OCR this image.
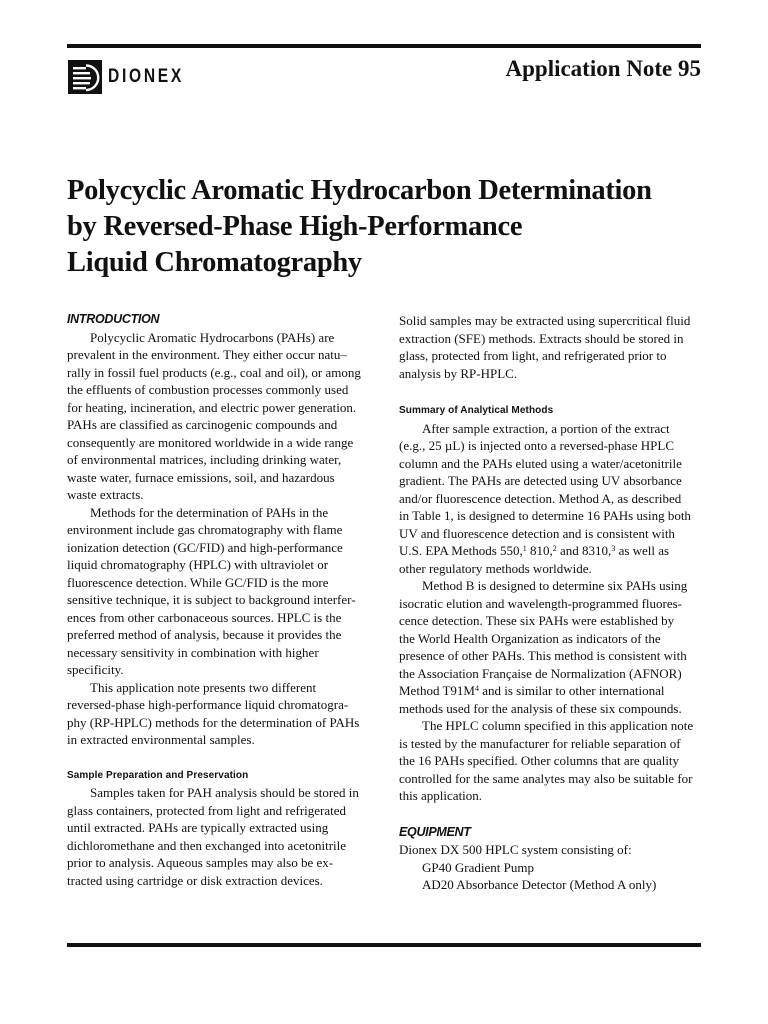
DIONEX	Application Note 95
Polycyclic Aromatic Hydrocarbon Determination
by Reversed-Phase High-Performance
Liquid Chromatography

INTRODUCTION

Polycyclic Aromatic Hydrocarbons (PAHs) are

prevalent in the environment. They either occur natu–

rally in fossil fuel products (e.g., coal and oil), or among

the effluents of combustion processes commonly used

for heating, incineration, and electric power generation.

PAHs are classified as carcinogenic compounds and

consequently are monitored worldwide in a wide range

of environmental matrices, including drinking water,

waste water, furnace emissions, soil, and hazardous

waste extracts.

Methods for the determination of PAHs in the

environment include gas chromatography with flame

ionization detection (GC/FID) and high-performance

liquid chromatography (HPLC) with ultraviolet or

fluorescence detection. While GC/FID is the more

sensitive technique, it is subject to background interfer-

ences from other carbonaceous sources. HPLC is the

preferred method of analysis, because it provides the

necessary sensitivity in combination with higher

specificity.

This application note presents two different

reversed-phase high-performance liquid chromatogra-

phy (RP-HPLC) methods for the determination of PAHs

in extracted environmental samples.

Sample Preparation and Preservation

Samples taken for PAH analysis should be stored in

glass containers, protected from light and refrigerated

until extracted. PAHs are typically extracted using

dichloromethane and then exchanged into acetonitrile

prior to analysis. Aqueous samples may also be ex-

tracted using cartridge or disk extraction devices.

Solid samples may be extracted using supercritical fluid

extraction (SFE) methods. Extracts should be stored in

glass, protected from light, and refrigerated prior to

analysis by RP-HPLC.

Summary of Analytical Methods

After sample extraction, a portion of the extract

(e.g., 25 µL) is injected onto a reversed-phase HPLC

column and the PAHs eluted using a water/acetonitrile

gradient. The PAHs are detected using UV absorbance

and/or fluorescence detection. Method A, as described

in Table 1, is designed to determine 16 PAHs using both

UV and fluorescence detection and is consistent with

U.S. EPA Methods 550,$^1$ 810,$^2$ and 8310,$^3$ as well as

other regulatory methods worldwide.

Method B is designed to determine six PAHs using

isocratic elution and wavelength-programmed fluores-

cence detection. These six PAHs were established by

the World Health Organization as indicators of the

presence of other PAHs. This method is consistent with

the Association Française de Normalization (AFNOR)

Method $T91M^4$ and is similar to other international

methods used for the analysis of these six compounds.

The HPLC column specified in this application note

is tested by the manufacturer for reliable separation of

the 16 PAHs specified. Other columns that are quality

controlled for the same analytes may also be suitable for

this application.

EQUIPMENT

Dionex DX 500 HPLC system consisting of:

GP40 Gradient Pump

AD20 Absorbance Detector (Method A only)
